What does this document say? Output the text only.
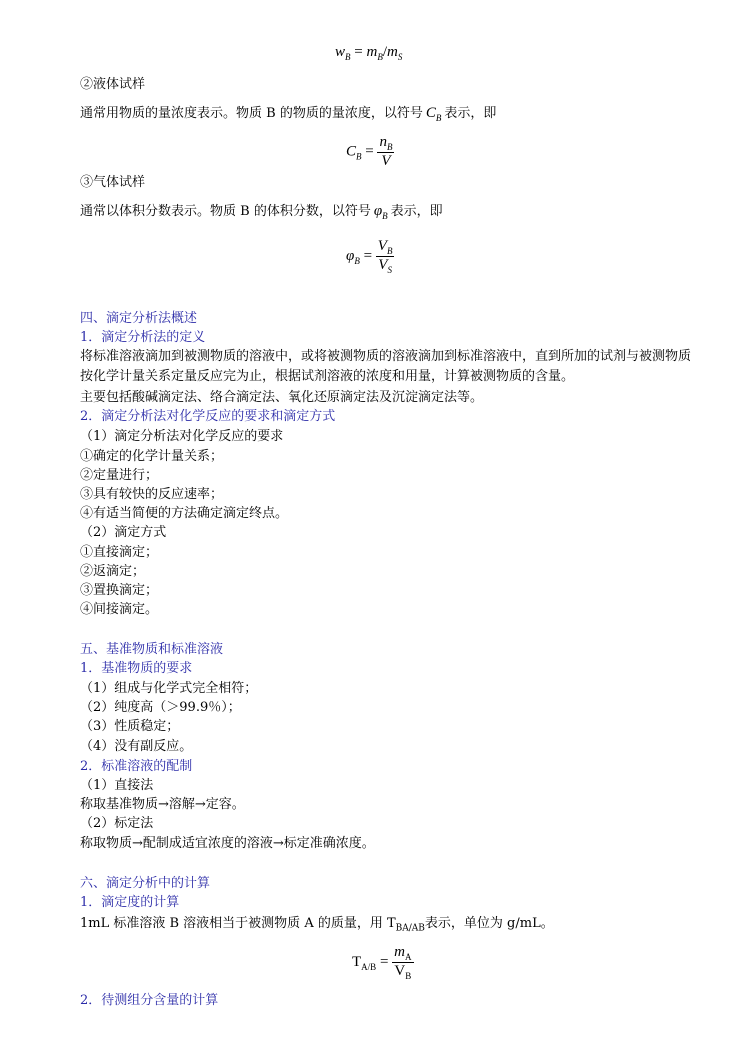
$w_B = m_B/m_S$
②液体试样
通常用物质的量浓度表示。物质 B 的物质的量浓度，以符号 $C_B$ 表示，即
$C_B = \frac{n_B}{V}$
③气体试样
通常以体积分数表示。物质 B 的体积分数，以符号 $\varphi_B$ 表示，即
$\varphi_B = \frac{V_B}{V_S}$
四、滴定分析法概述
1．滴定分析法的定义
将标准溶液滴加到被测物质的溶液中，或将被测物质的溶液滴加到标准溶液中，直到所加的试剂与被测物质按化学计量关系定量反应完为止，根据试剂溶液的浓度和用量，计算被测物质的含量。
主要包括酸碱滴定法、络合滴定法、氧化还原滴定法及沉淀滴定法等。
2．滴定分析法对化学反应的要求和滴定方式
（1）滴定分析法对化学反应的要求
①确定的化学计量关系；
②定量进行；
③具有较快的反应速率；
④有适当简便的方法确定滴定终点。
（2）滴定方式
①直接滴定；
②返滴定；
③置换滴定；
④间接滴定。
五、基准物质和标准溶液
1．基准物质的要求
（1）组成与化学式完全相符；
（2）纯度高（＞99.9％）；
（3）性质稳定；
（4）没有副反应。
2．标准溶液的配制
（1）直接法
称取基准物质→溶解→定容。
（2）标定法
称取物质→配制成适宜浓度的溶液→标定准确浓度。
六、滴定分析中的计算
1．滴定度的计算
1mL 标准溶液 B 溶液相当于被测物质 A 的质量，用 $T_{BA/AB}$表示，单位为 g/mL。
$T_{A/B} = \frac{m_A}{V_B}$
2．待测组分含量的计算
